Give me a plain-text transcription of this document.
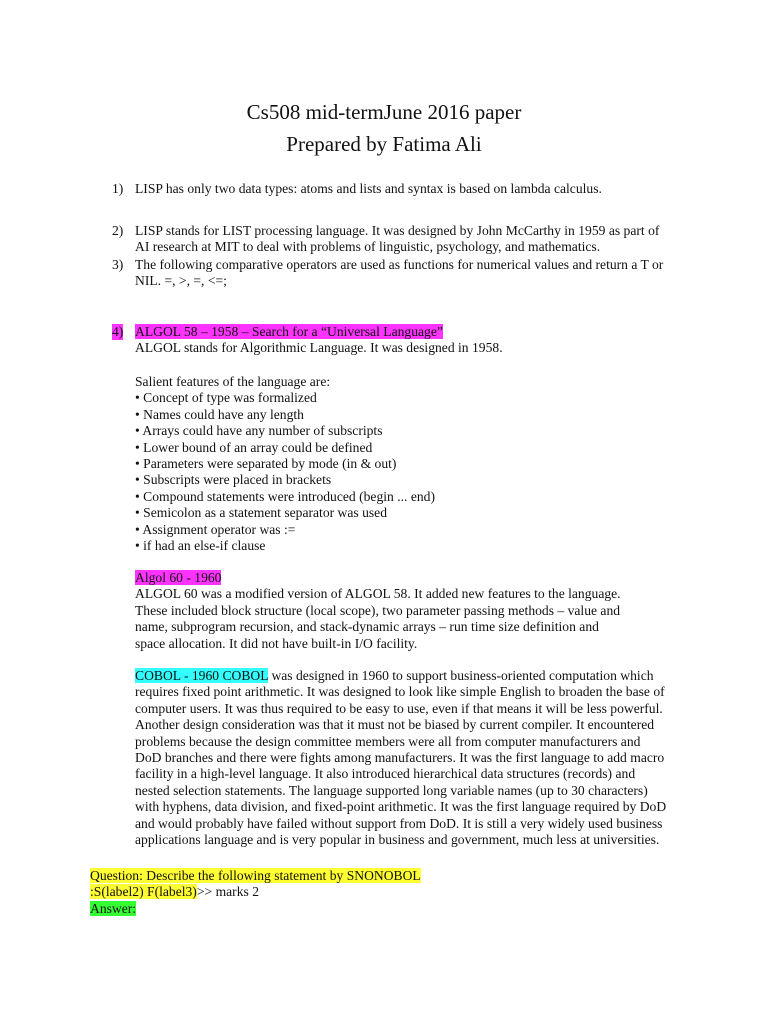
Cs508 mid-termJune 2016 paper
Prepared by Fatima Ali
1) LISP has only two data types: atoms and lists and syntax is based on lambda calculus.
2) LISP stands for LIST processing language. It was designed by John McCarthy in 1959 as part of
AI research at MIT to deal with problems of linguistic, psychology, and mathematics.
3) The following comparative operators are used as functions for numerical values and return a T or
NIL. =, >, =, <=;
4) ALGOL 58 – 1958 – Search for a “Universal Language”
ALGOL stands for Algorithmic Language. It was designed in 1958.
Salient features of the language are:
• Concept of type was formalized
• Names could have any length
• Arrays could have any number of subscripts
• Lower bound of an array could be defined
• Parameters were separated by mode (in & out)
• Subscripts were placed in brackets
• Compound statements were introduced (begin ... end)
• Semicolon as a statement separator was used
• Assignment operator was :=
• if had an else-if clause
Algol 60 - 1960
ALGOL 60 was a modified version of ALGOL 58. It added new features to the language.
These included block structure (local scope), two parameter passing methods – value and
name, subprogram recursion, and stack-dynamic arrays – run time size definition and
space allocation. It did not have built-in I/O facility.
COBOL - 1960 COBOL was designed in 1960 to support business-oriented computation which
requires fixed point arithmetic. It was designed to look like simple English to broaden the base of
computer users. It was thus required to be easy to use, even if that means it will be less powerful.
Another design consideration was that it must not be biased by current compiler. It encountered
problems because the design committee members were all from computer manufacturers and
DoD branches and there were fights among manufacturers. It was the first language to add macro
facility in a high-level language. It also introduced hierarchical data structures (records) and
nested selection statements. The language supported long variable names (up to 30 characters)
with hyphens, data division, and fixed-point arithmetic. It was the first language required by DoD
and would probably have failed without support from DoD. It is still a very widely used business
applications language and is very popular in business and government, much less at universities.
Question: Describe the following statement by SNONOBOL
:S(label2) F(label3)>> marks 2
Answer:
